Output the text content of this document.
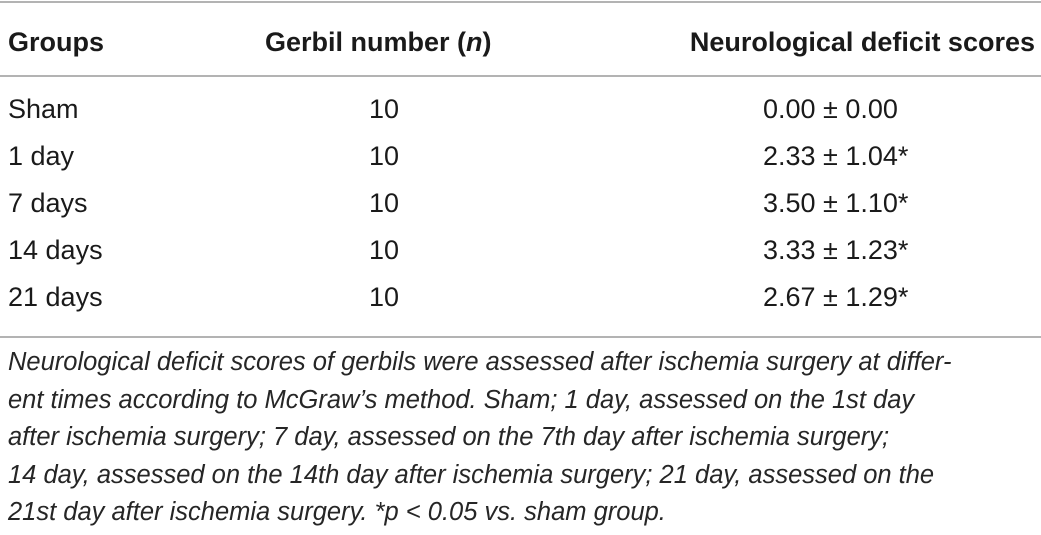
Groups	Gerbil number (n)	Neurological deficit scores
Sham	10	0.00 ± 0.00
1 day	10	2.33 ± 1.04*
7 days	10	3.50 ± 1.10*
14 days	10	3.33 ± 1.23*
21 days	10	2.67 ± 1.29*
Neurological deficit scores of gerbils were assessed after ischemia surgery at differ-
ent times according to McGraw’s method. Sham; 1 day, assessed on the 1st day
after ischemia surgery; 7 day, assessed on the 7th day after ischemia surgery;
14 day, assessed on the 14th day after ischemia surgery; 21 day, assessed on the
21st day after ischemia surgery. *p < 0.05 vs. sham group.
